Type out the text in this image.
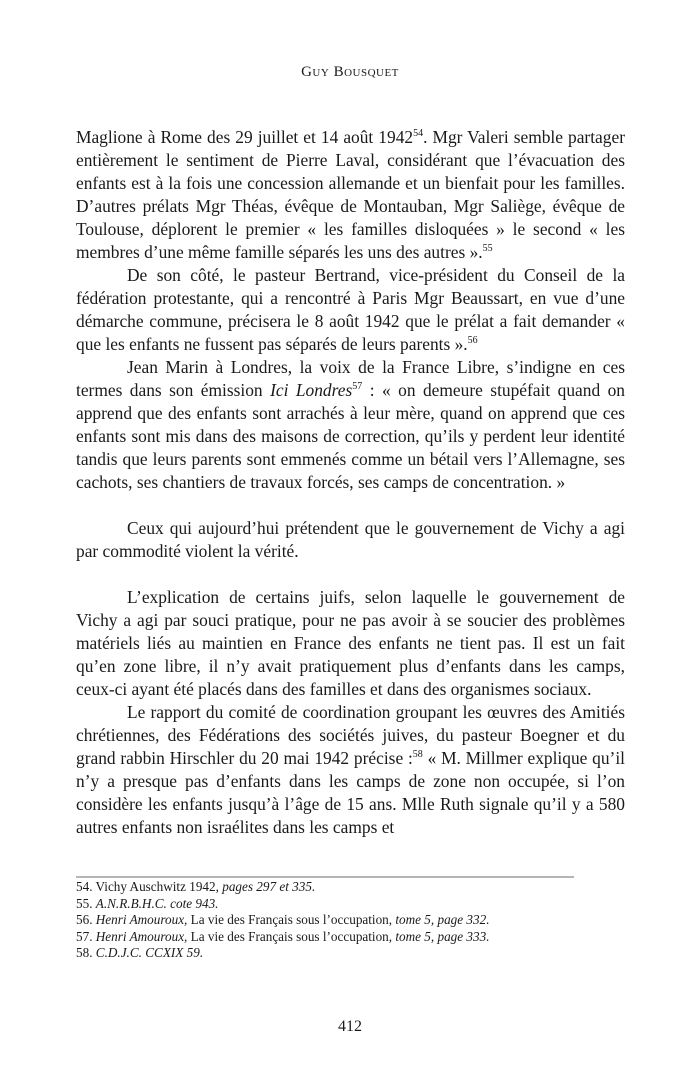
Guy Bousquet

Maglione à Rome des 29 juillet et 14 août 1942$^{54}$. Mgr Valeri semble partager entièrement le sentiment de Pierre Laval, considérant que l’évacuation des enfants est à la fois une concession allemande et un bienfait pour les familles. D’autres prélats Mgr Théas, évêque de Montauban, Mgr Saliège, évêque de Toulouse, déplorent le premier « les familles disloquées » le second « les membres d’une même famille séparés les uns des autres ».$^{55}$

De son côté, le pasteur Bertrand, vice-président du Conseil de la fédération protestante, qui a rencontré à Paris Mgr Beaussart, en vue d’une démarche commune, précisera le 8 août 1942 que le prélat a fait demander « que les enfants ne fussent pas séparés de leurs parents ».$^{56}$

Jean Marin à Londres, la voix de la France Libre, s’indigne en ces termes dans son émission Ici Londres$^{57}$ : « on demeure stupéfait quand on apprend que des enfants sont arrachés à leur mère, quand on apprend que ces enfants sont mis dans des maisons de correction, qu’ils y perdent leur identité tandis que leurs parents sont emmenés comme un bétail vers l’Allemagne, ses cachots, ses chantiers de travaux forcés, ses camps de concentration. »

Ceux qui aujourd’hui prétendent que le gouvernement de Vichy a agi par commodité violent la vérité.

L’explication de certains juifs, selon laquelle le gouvernement de Vichy a agi par souci pratique, pour ne pas avoir à se soucier des problèmes matériels liés au maintien en France des enfants ne tient pas. Il est un fait qu’en zone libre, il n’y avait pratiquement plus d’enfants dans les camps, ceux-ci ayant été placés dans des familles et dans des organismes sociaux.

Le rapport du comité de coordination groupant les œuvres des Amitiés chrétiennes, des Fédérations des sociétés juives, du pasteur Boegner et du grand rabbin Hirschler du 20 mai 1942 précise :$^{58}$ « M. Millmer explique qu’il n’y a presque pas d’enfants dans les camps de zone non occupée, si l’on considère les enfants jusqu’à l’âge de 15 ans. Mlle Ruth signale qu’il y a 580 autres enfants non israélites dans les camps et

54. Vichy Auschwitz 1942, pages 297 et 335.
55. A.N.R.B.H.C. cote 943.
56. Henri Amouroux, La vie des Français sous l’occupation, tome 5, page 332.
57. Henri Amouroux, La vie des Français sous l’occupation, tome 5, page 333.
58. C.D.J.C. CCXIX 59.
412
